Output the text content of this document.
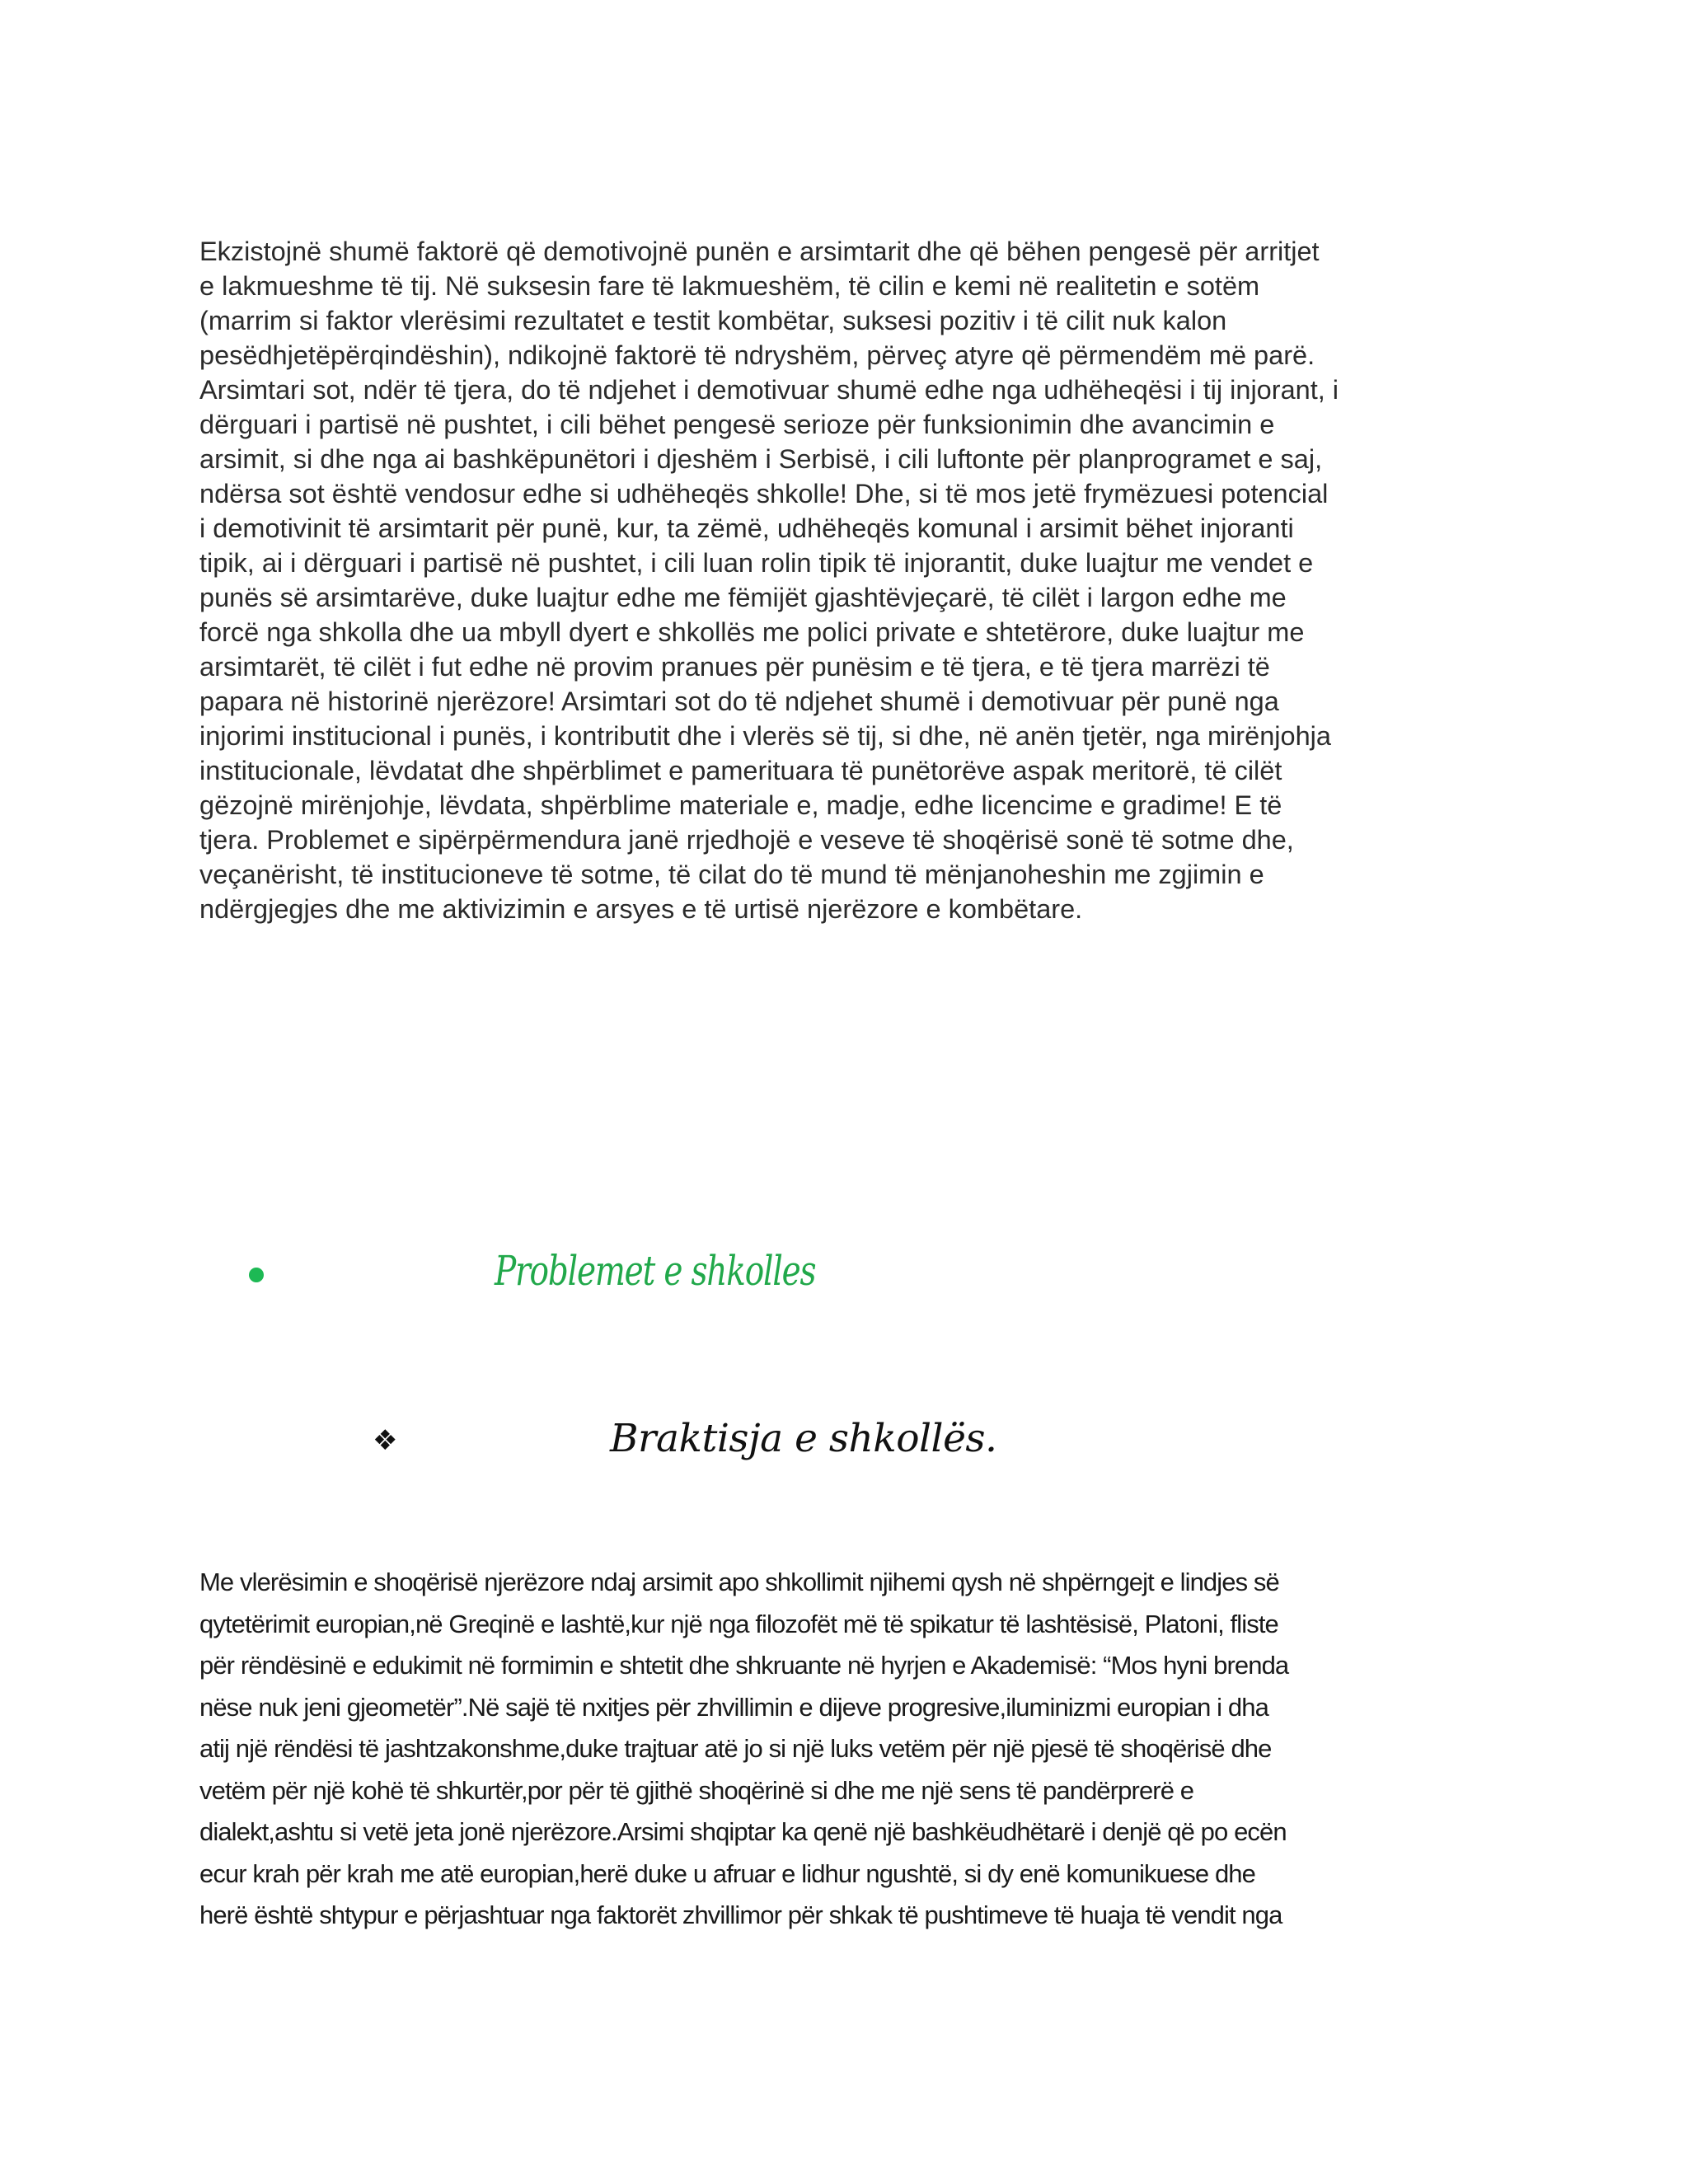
Ekzistojnë shumë faktorë që demotivojnë punën e arsimtarit dhe që bëhen pengesë për arritjet
e lakmueshme të tij. Në suksesin fare të lakmueshëm, të cilin e kemi në realitetin e sotëm
(marrim si faktor vlerësimi rezultatet e testit kombëtar, suksesi pozitiv i të cilit nuk kalon
pesëdhjetëpërqindëshin), ndikojnë faktorë të ndryshëm, përveç atyre që përmendëm më parë.
Arsimtari sot, ndër të tjera, do të ndjehet i demotivuar shumë edhe nga udhëheqësi i tij injorant, i
dërguari i partisë në pushtet, i cili bëhet pengesë serioze për funksionimin dhe avancimin e
arsimit, si dhe nga ai bashkëpunëtori i djeshëm i Serbisë, i cili luftonte për planprogramet e saj,
ndërsa sot është vendosur edhe si udhëheqës shkolle! Dhe, si të mos jetë frymëzuesi potencial
i demotivinit të arsimtarit për punë, kur, ta zëmë, udhëheqës komunal i arsimit bëhet injoranti
tipik, ai i dërguari i partisë në pushtet, i cili luan rolin tipik të injorantit, duke luajtur me vendet e
punës së arsimtarëve, duke luajtur edhe me fëmijët gjashtëvjeçarë, të cilët i largon edhe me
forcë nga shkolla dhe ua mbyll dyert e shkollës me polici private e shtetërore, duke luajtur me
arsimtarët, të cilët i fut edhe në provim pranues për punësim e të tjera, e të tjera marrëzi të
papara në historinë njerëzore! Arsimtari sot do të ndjehet shumë i demotivuar për punë nga
injorimi institucional i punës, i kontributit dhe i vlerës së tij, si dhe, në anën tjetër, nga mirënjohja
institucionale, lëvdatat dhe shpërblimet e pamerituara të punëtorëve aspak meritorë, të cilët
gëzojnë mirënjohje, lëvdata, shpërblime materiale e, madje, edhe licencime e gradime! E të
tjera. Problemet e sipërpërmendura janë rrjedhojë e veseve të shoqërisë sonë të sotme dhe,
veçanërisht, të institucioneve të sotme, të cilat do të mund të mënjanoheshin me zgjimin e
ndërgjegjes dhe me aktivizimin e arsyes e të urtisë njerëzore e kombëtare.
Problemet e shkolles
❖	Braktisja e shkollës.
Me vlerësimin e shoqërisë njerëzore ndaj arsimit apo shkollimit njihemi qysh në shpërngejt e lindjes së
qytetërimit europian,në Greqinë e lashtë,kur një nga filozofët më të spikatur të lashtësisë, Platoni, fliste
për rëndësinë e edukimit në formimin e shtetit dhe shkruante në hyrjen e Akademisë: “Mos hyni brenda
nëse nuk jeni gjeometër”.Në sajë të nxitjes për zhvillimin e dijeve progresive,iluminizmi europian i dha
atij një rëndësi të jashtzakonshme,duke trajtuar atë jo si një luks vetëm për një pjesë të shoqërisë dhe
vetëm për një kohë të shkurtër,por për të gjithë shoqërinë si dhe me një sens të pandërprerë e
dialekt,ashtu si vetë jeta jonë njerëzore.Arsimi shqiptar ka qenë një bashkëudhëtarë i denjë që po ecën
ecur krah për krah me atë europian,herë duke u afruar e lidhur ngushtë, si dy enë komunikuese dhe
herë është shtypur e përjashtuar nga faktorët zhvillimor për shkak të pushtimeve të huaja të vendit nga
